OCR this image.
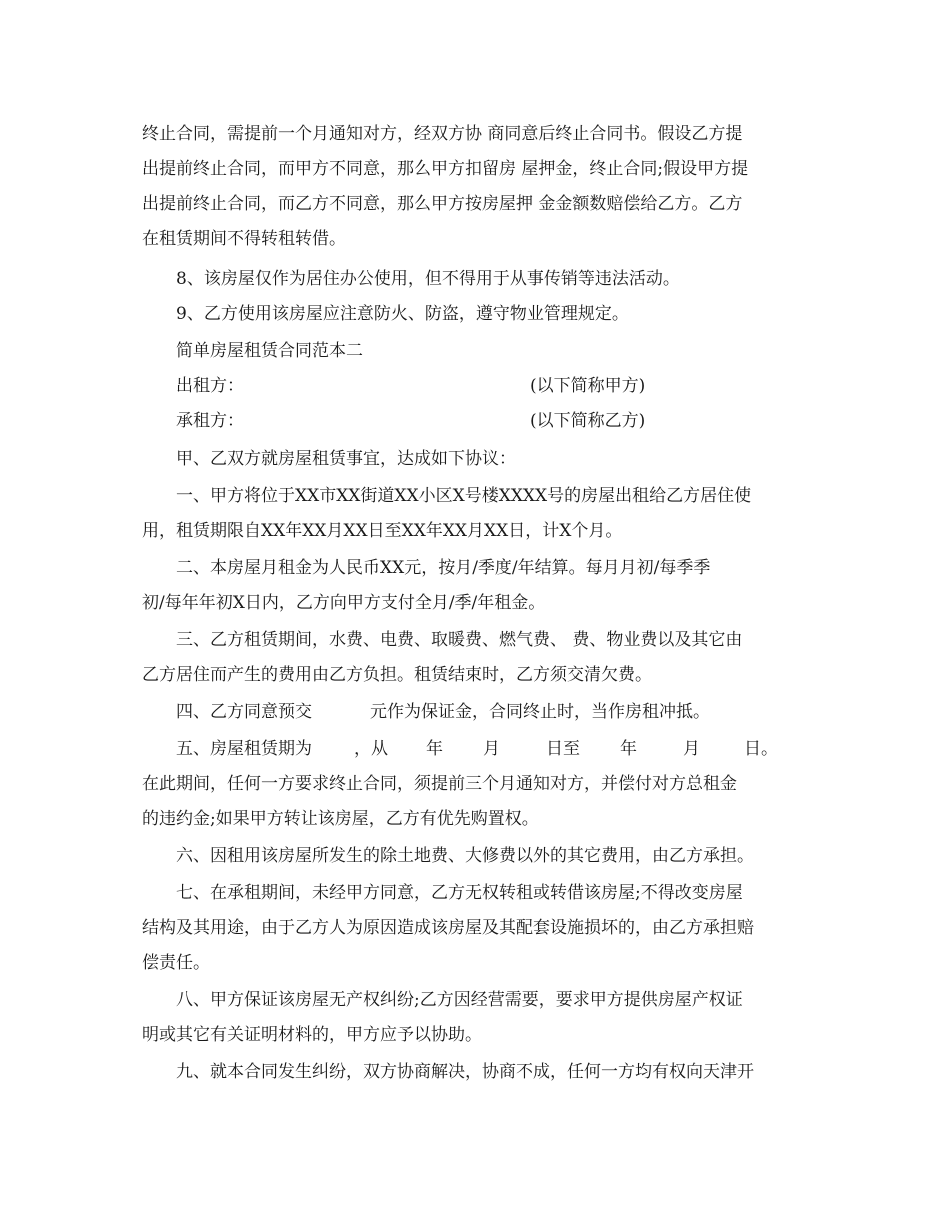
终止合同，需提前一个月通知对方，经双方协 商同意后终止合同书。假设乙方提
出提前终止合同，而甲方不同意，那么甲方扣留房 屋押金，终止合同;假设甲方提
出提前终止合同，而乙方不同意，那么甲方按房屋押 金金额数赔偿给乙方。乙方
在租赁期间不得转租转借。
8、该房屋仅作为居住办公使用，但不得用于从事传销等违法活动。
9、乙方使用该房屋应注意防火、防盗，遵守物业管理规定。
简单房屋租赁合同范本二
出租方：	(以下简称甲方)
承租方：	(以下简称乙方)
甲、乙双方就房屋租赁事宜，达成如下协议：
一、甲方将位于XX市XX街道XX小区X号楼XXXX号的房屋出租给乙方居住使
用，租赁期限自XX年XX月XX日至XX年XX月XX日，计X个月。
二、本房屋月租金为人民币XX元，按月/季度/年结算。每月月初/每季季
初/每年年初X日内，乙方向甲方支付全月/季/年租金。
三、乙方租赁期间，水费、电费、取暖费、燃气费、 费、物业费以及其它由
乙方居住而产生的费用由乙方负担。租赁结束时，乙方须交清欠费。
四、乙方同意预交	元作为保证金，合同终止时，当作房租冲抵。
五、房屋租赁期为 ，从 年 月	日至 年	月	日。
在此期间，任何一方要求终止合同，须提前三个月通知对方，并偿付对方总租金
的违约金;如果甲方转让该房屋，乙方有优先购置权。
六、因租用该房屋所发生的除土地费、大修费以外的其它费用，由乙方承担。
七、在承租期间，未经甲方同意，乙方无权转租或转借该房屋;不得改变房屋
结构及其用途，由于乙方人为原因造成该房屋及其配套设施损坏的，由乙方承担赔
偿责任。
八、甲方保证该房屋无产权纠纷;乙方因经营需要，要求甲方提供房屋产权证
明或其它有关证明材料的，甲方应予以协助。
九、就本合同发生纠纷，双方协商解决，协商不成，任何一方均有权向天津开
